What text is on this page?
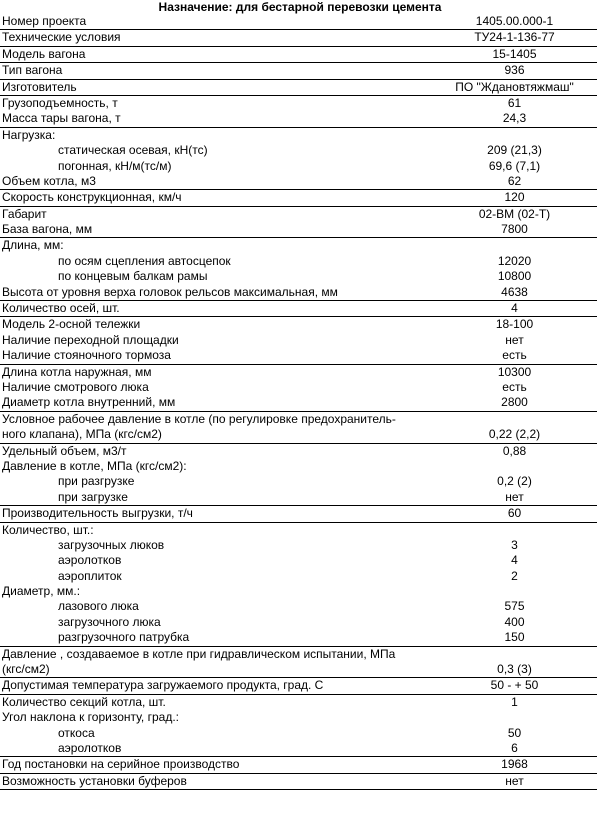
Назначение: для бестарной перевозки цемента
Номер проекта	1405.00.000-1
Технические условия	ТУ24-1-136-77
Модель вагона	15-1405
Тип вагона	936
Изготовитель	ПО "Ждановтяжмаш"
Грузоподъемность, т	61
Масса тары вагона, т	24,3
Нагрузка:
статическая осевая, кН(тс)	209 (21,3)
погонная, кН/м(тс/м)	69,6 (7,1)
Объем котла, м3	62
Скорость конструкционная, км/ч	120
Габарит	02-ВМ (02-Т)
База вагона, мм	7800
Длина, мм:
по осям сцепления автосцепок	12020
по концевым балкам рамы	10800
Высота от уровня верха головок рельсов максимальная, мм	4638
Количество осей, шт.	4
Модель 2-осной тележки	18-100
Наличие переходной площадки	нет
Наличие стояночного тормоза	есть
Длина котла наружная, мм	10300
Наличие смотрового люка	есть
Диаметр котла внутренний, мм	2800
Условное рабочее давление в котле (по регулировке предохранитель-
ного клапана), МПа (кгс/см2)	0,22 (2,2)
Удельный объем, м3/т	0,88
Давление в котле, МПа (кгс/см2):
при разгрузке	0,2 (2)
при загрузке	нет
Производительность выгрузки, т/ч	60
Количество, шт.:
загрузочных люков	3
аэролотков	4
аэроплиток	2
Диаметр, мм.:
лазового люка	575
загрузочного люка	400
разгрузочного патрубка	150
Давление , создаваемое в котле при гидравлическом испытании, МПа
(кгс/см2)	0,3 (3)
Допустимая температура загружаемого продукта, град. С	50 - + 50
Количество секций котла, шт.	1
Угол наклона к горизонту, град.:
откоса	50
аэролотков	6
Год постановки на серийное производство	1968
Возможность установки буферов	нет
